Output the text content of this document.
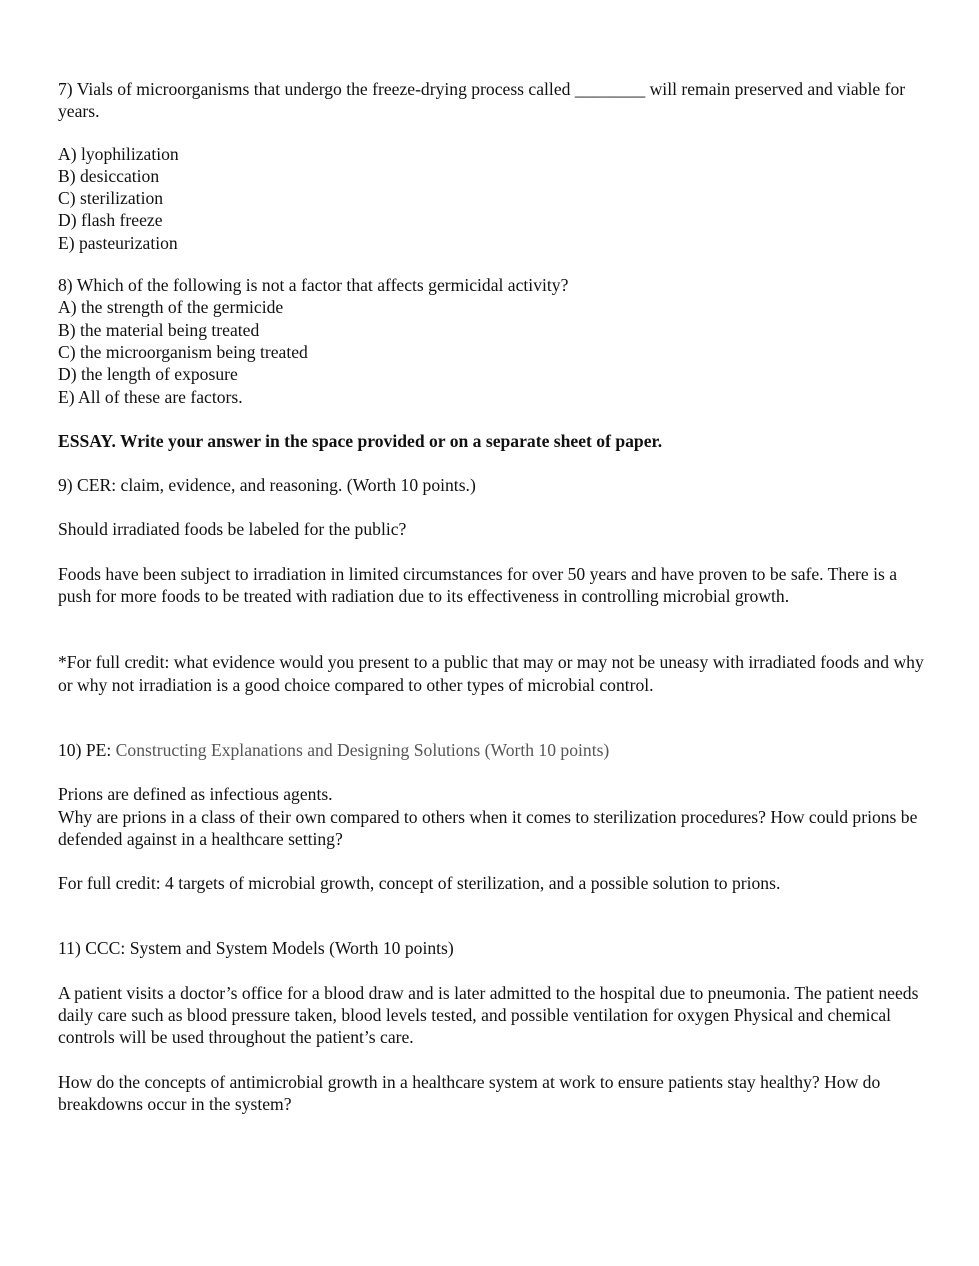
7) Vials of microorganisms that undergo the freeze-drying process called ________ will remain preserved and viable for years.

A) lyophilization
B) desiccation
C) sterilization
D) flash freeze
E) pasteurization

8) Which of the following is not a factor that affects germicidal activity?

A) the strength of the germicide
B) the material being treated
C) the microorganism being treated
D) the length of exposure
E) All of these are factors.

ESSAY. Write your answer in the space provided or on a separate sheet of paper.

9) CER: claim, evidence, and reasoning. (Worth 10 points.)

Should irradiated foods be labeled for the public?

Foods have been subject to irradiation in limited circumstances for over 50 years and have proven to be safe. There is a push for more foods to be treated with radiation due to its effectiveness in controlling microbial growth.

*For full credit: what evidence would you present to a public that may or may not be uneasy with irradiated foods and why or why not irradiation is a good choice compared to other types of microbial control.

10) PE: Constructing Explanations and Designing Solutions (Worth 10 points)

Prions are defined as infectious agents.

Why are prions in a class of their own compared to others when it comes to sterilization procedures? How could prions be defended against in a healthcare setting?

For full credit: 4 targets of microbial growth, concept of sterilization, and a possible solution to prions.

11) CCC: System and System Models (Worth 10 points)

A patient visits a doctor’s office for a blood draw and is later admitted to the hospital due to pneumonia. The patient needs daily care such as blood pressure taken, blood levels tested, and possible ventilation for oxygen Physical and chemical controls will be used throughout the patient’s care.

How do the concepts of antimicrobial growth in a healthcare system at work to ensure patients stay healthy? How do breakdowns occur in the system?
